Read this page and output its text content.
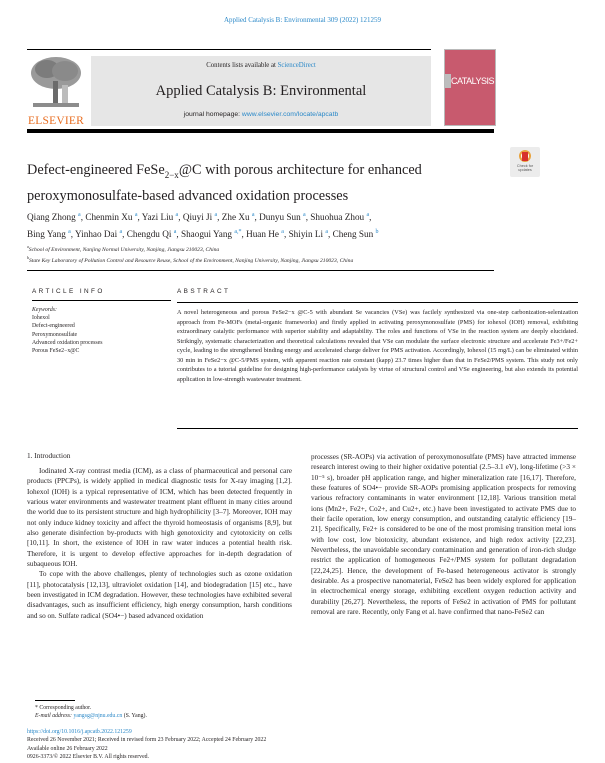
Applied Catalysis B: Environmental 309 (2022) 121259
ELSEVIER
Contents lists available at ScienceDirect
Applied Catalysis B: Environmental
journal homepage: www.elsevier.com/locate/apcatb
CATALYSIS
Check for
updates
Defect-engineered FeSe$_{2-x}$@C with porous architecture for enhanced peroxymonosulfate-based advanced oxidation processes
Qiang Zhong $^a$, Chenmin Xu $^a$, Yazi Liu $^a$, Qiuyi Ji $^a$, Zhe Xu $^a$, Dunyu Sun $^a$, Shuohua Zhou $^a$,
Bing Yang $^a$, Yinhao Dai $^a$, Chengdu Qi $^a$, Shaogui Yang $^{a,*}$, Huan He $^a$, Shiyin Li $^a$, Cheng Sun $^b$
$^a$School of Environment, Nanjing Normal University, Nanjing, Jiangsu 210023, China
$^b$State Key Laboratory of Pollution Control and Resource Reuse, School of the Environment, Nanjing University, Nanjing, Jiangsu 210023, China
ARTICLE INFO	ABSTRACT
Keywords:
Iohexol
Defect-engineered
Peroxymonosulfate
Advanced oxidation processes
Porous FeSe2−x@C
A novel heterogeneous and porous FeSe2−x @C-5 with abundant Se vacancies (VSe) was facilely synthesized via one-step carbonization-selenization approach from Fe-MOFs (metal-organic frameworks) and firstly applied in activating peroxymonosulfate (PMS) for iohexol (IOH) removal, exhibiting extraordinary catalytic performance with superior stability and adaptability. The roles and functions of VSe in the reaction system are deeply elucidated. Strikingly, systematic characterization and theoretical calculations revealed that VSe can modulate the surface electronic structure and accelerate Fe3+/Fe2+ cycle, leading to the strengthened binding energy and accelerated charge deliver for PMS activation. Accordingly, Iohexol (15 mg/L) can be eliminated within 30 min in FeSe2−x @C-5/PMS system, with apparent reaction rate constant (kapp) 23.7 times higher than that in FeSe2/PMS system. This study not only contributes to a tutorial guideline for designing high-performance catalysts by virtue of structural control and VSe engineering, but also extends its potential application in low-strength wastewater treatment.
1. Introduction

Iodinated X-ray contrast media (ICM), as a class of pharmaceutical and personal care products (PPCPs), is widely applied in medical diagnostic tests for X-ray imaging [1,2]. Iohexol (IOH) is a typical representative of ICM, which has been detected frequently in various water environments and wastewater treatment plant effluent in many cities around the world due to its persistent structure and high hydrophilicity [3–7]. Moreover, IOH may not only induce kidney toxicity and affect the thyroid homeostasis of organisms [8,9], but also generate disinfection by-products with high genotoxicity and cytotoxicity on cells [10,11]. In short, the existence of IOH in raw water induces a potential health risk. Therefore, it is urgent to develop effective approaches for in-depth degradation of subaqueous IOH.

To cope with the above challenges, plenty of technologies such as ozone oxidation [11], photocatalysis [12,13], ultraviolet oxidation [14], and biodegradation [15] etc., have been investigated in ICM degradation. However, these technologies have exhibited several disadvantages, such as insufficient efficiency, high energy consumption, harsh conditions and so on. Sulfate radical (SO4•−) based advanced oxidation

processes (SR-AOPs) via activation of peroxymonosulfate (PMS) have attracted immense research interest owing to their higher oxidative potential (2.5–3.1 eV), long-lifetime (>3 × 10⁻⁵ s), broader pH application range, and higher mineralization rate [16,17]. Therefore, these features of SO4•− provide SR-AOPs promising application prospects for removing various refractory contaminants in water environment [12,18]. Various transition metal ions (Mn2+, Fe2+, Co2+, and Cu2+, etc.) have been investigated to activate PMS due to their facile operation, low energy consumption, and outstanding catalytic efficiency [19–21]. Specifically, Fe2+ is considered to be one of the most promising transition metal ions with low cost, low biotoxicity, abundant existence, and high redox activity [22,23]. Nevertheless, the unavoidable secondary contamination and generation of iron-rich sludge restrict the application of homogeneous Fe2+/PMS system for pollutant degradation [22,24,25]. Hence, the development of Fe-based heterogeneous activator is strongly desirable. As a prospective nanomaterial, FeSe2 has been widely explored for application in electrochemical energy storage, exhibiting excellent oxygen reduction activity and durability [26,27]. Nevertheless, the reports of FeSe2 in activation of PMS for pollutant removal are rare. Recently, only Fang et al. have confirmed that nano-FeSe2 can

* Corresponding author.
E-mail address: yangsg@njnu.edu.cn (S. Yang).
https://doi.org/10.1016/j.apcatb.2022.121259
Received 26 November 2021; Received in revised form 23 February 2022; Accepted 24 February 2022
Available online 26 February 2022
0926-3373/© 2022 Elsevier B.V. All rights reserved.
